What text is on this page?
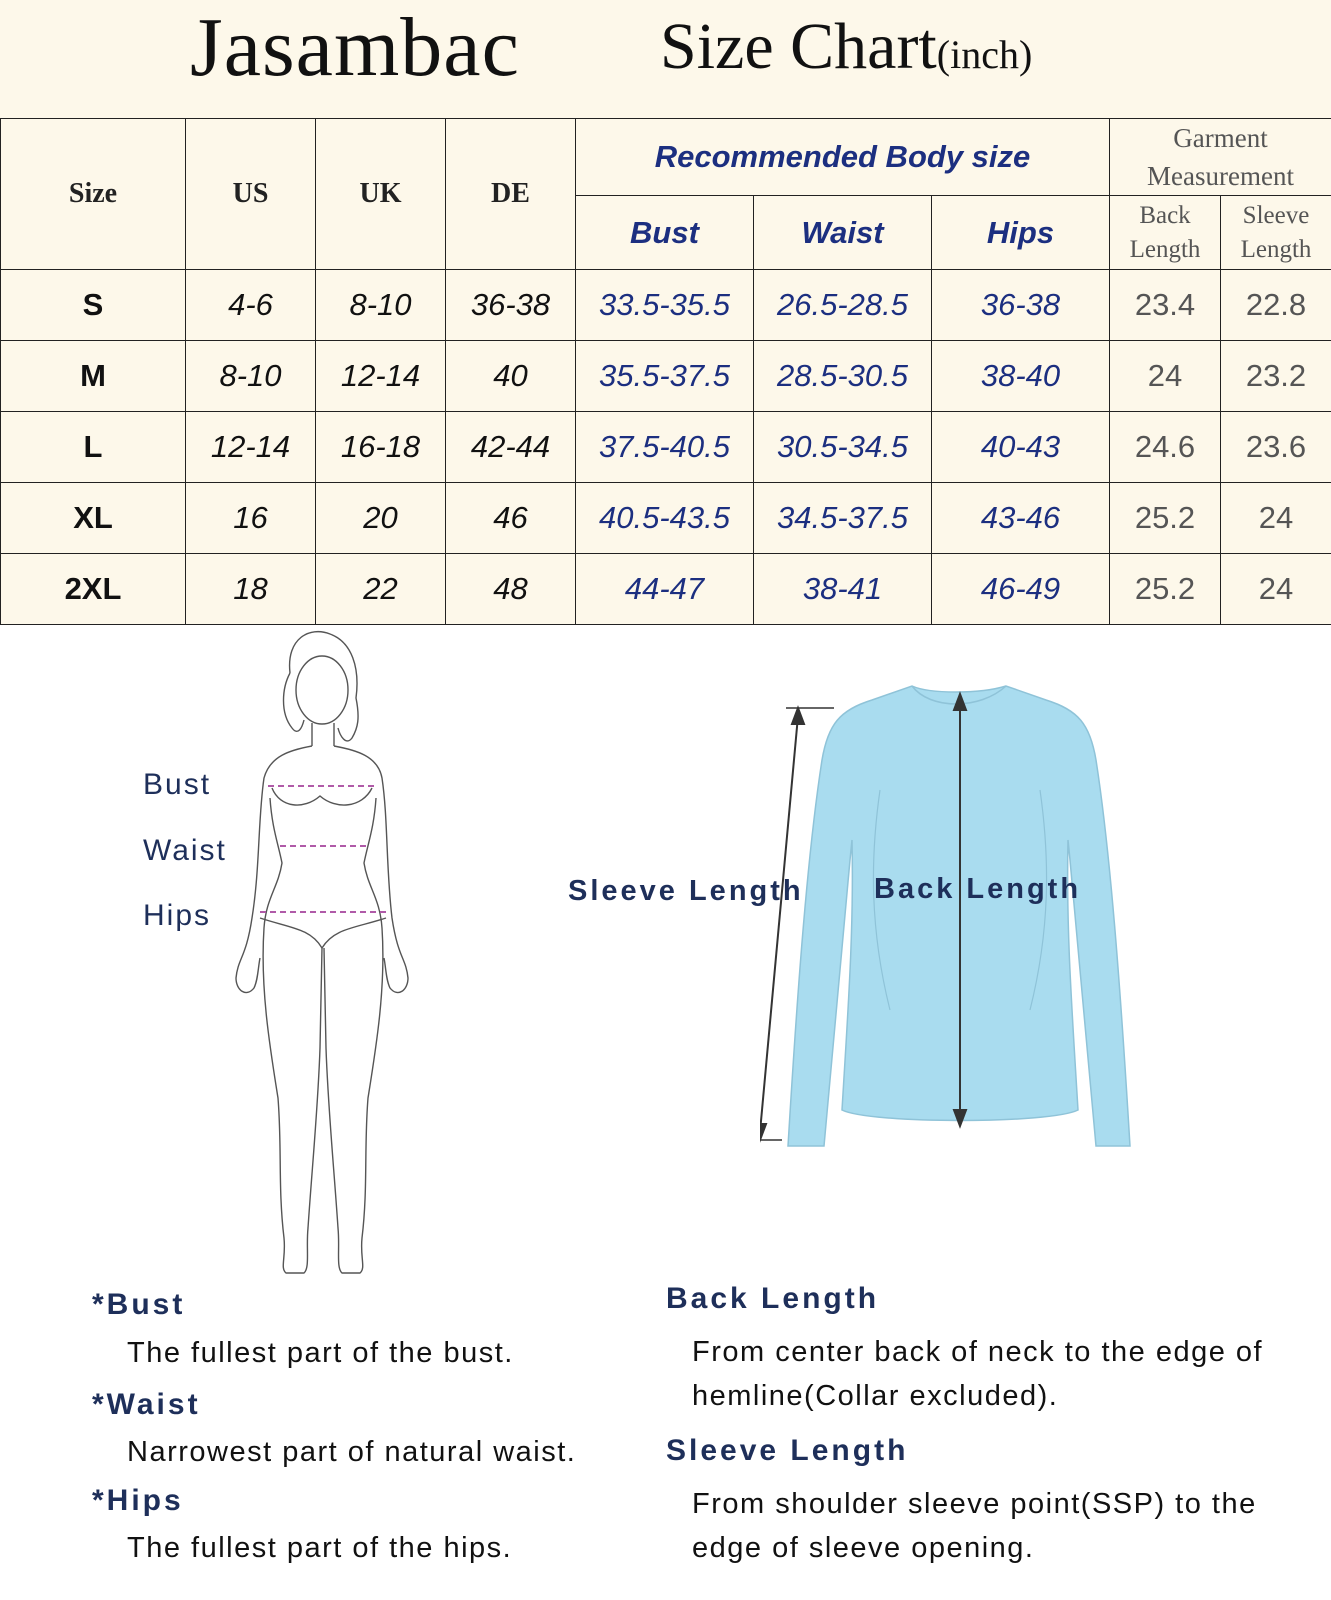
Jasambac Size Chart(inch)
Size	US	UK	DE	Recommended Body size			Garment Measurement	
				Bust	Waist	Hips	Back Length	Sleeve Length
S	4-6	8-10	36-38	33.5-35.5	26.5-28.5	36-38	23.4	22.8
M	8-10	12-14	40	35.5-37.5	28.5-30.5	38-40	24	23.2
L	12-14	16-18	42-44	37.5-40.5	30.5-34.5	40-43	24.6	23.6
XL	16	20	46	40.5-43.5	34.5-37.5	43-46	25.2	24
2XL	18	22	48	44-47	38-41	46-49	25.2	24
Bust
Waist
Hips
Sleeve Length Back Length
*Bust
The fullest part of the bust.
*Waist
Narrowest part of natural waist.
*Hips
The fullest part of the hips.
Back Length
From center back of neck to the edge of hemline(Collar excluded).
Sleeve Length
From shoulder sleeve point(SSP) to the edge of sleeve opening.
